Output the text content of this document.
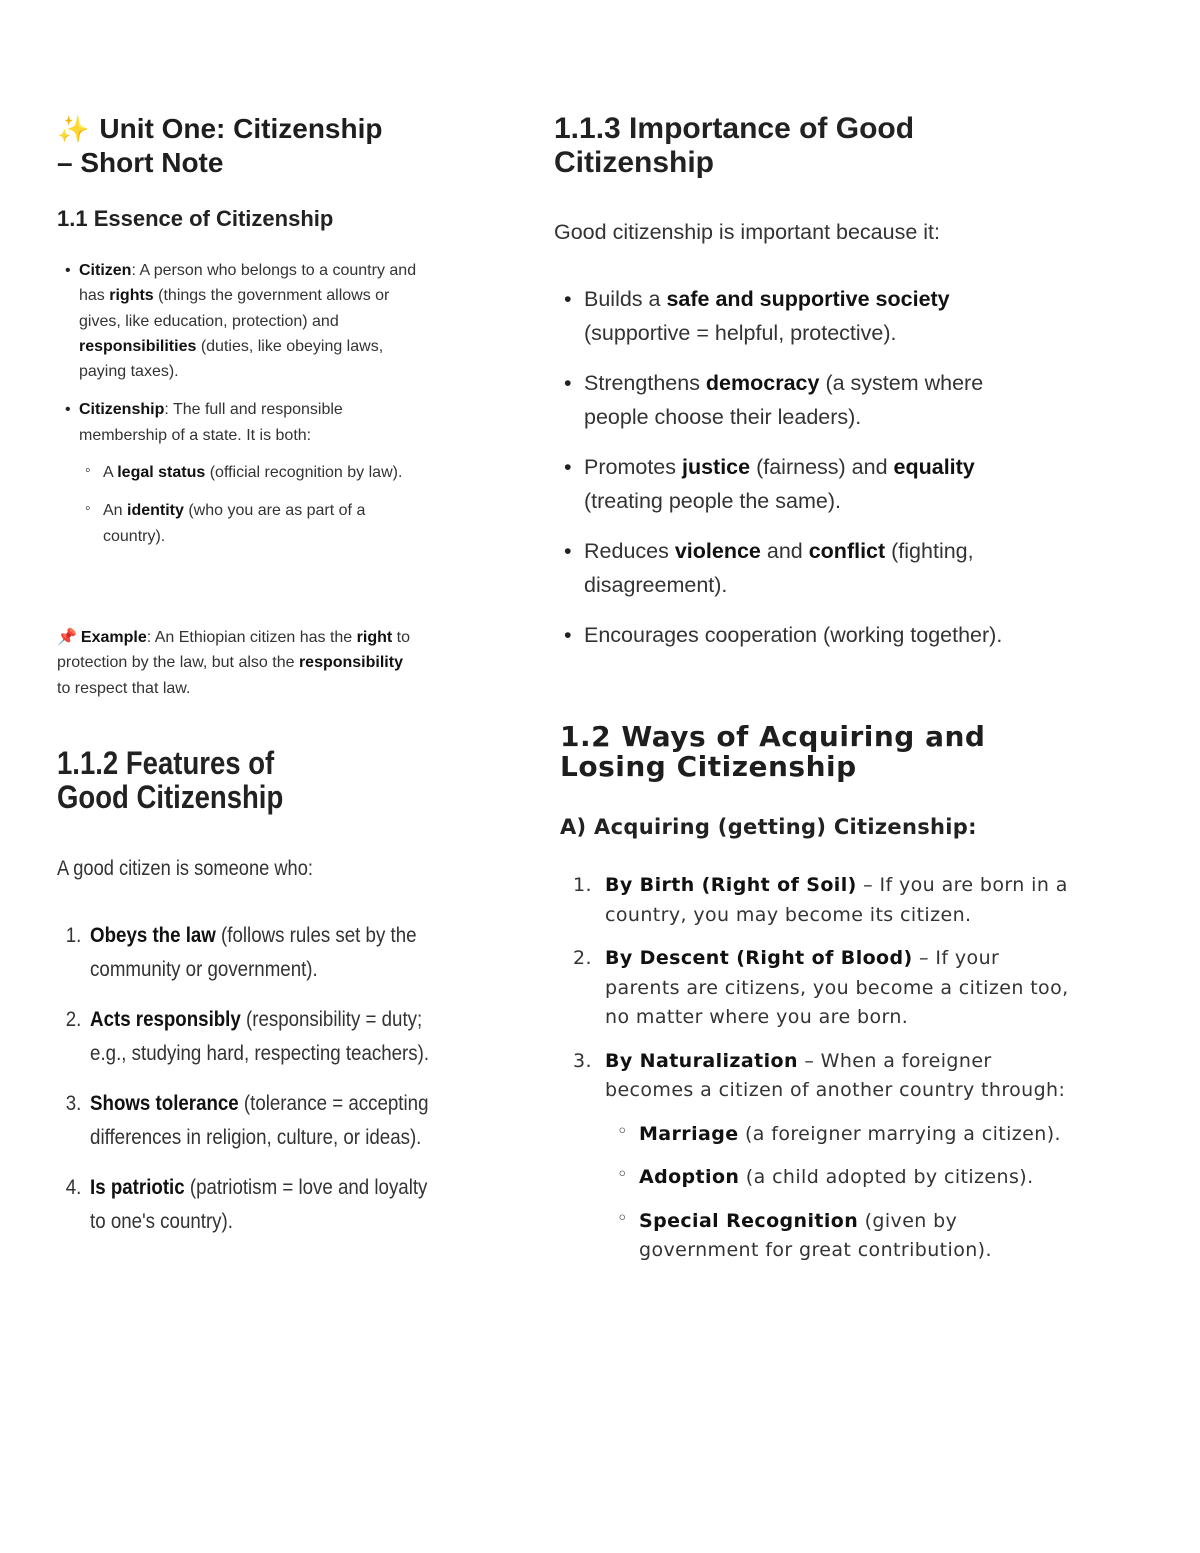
✨ Unit One: Citizenship
– Short Note
1.1 Essence of Citizenship
• Citizen: A person who belongs to a country and has rights (things the government allows or gives, like education, protection) and responsibilities (duties, like obeying laws, paying taxes).
• Citizenship: The full and responsible membership of a state. It is both:
◦ A legal status (official recognition by law).
◦ An identity (who you are as part of a country).

📌 Example: An Ethiopian citizen has the right to protection by the law, but also the responsibility to respect that law.

1.1.2 Features of Good Citizenship

A good citizen is someone who:

1. Obeys the law (follows rules set by the community or government).
2. Acts responsibly (responsibility = duty; e.g., studying hard, respecting teachers).
3. Shows tolerance (tolerance = accepting differences in religion, culture, or ideas).
4. Is patriotic (patriotism = love and loyalty to one's country).
1.1.3 Importance of Good Citizenship

Good citizenship is important because it:

• Builds a safe and supportive society (supportive = helpful, protective).
• Strengthens democracy (a system where people choose their leaders).
• Promotes justice (fairness) and equality (treating people the same).
• Reduces violence and conflict (fighting, disagreement).
• Encourages cooperation (working together).
1.2 Ways of Acquiring and Losing Citizenship
A) Acquiring (getting) Citizenship:
1. By Birth (Right of Soil) – If you are born in a country, you may become its citizen.
2. By Descent (Right of Blood) – If your parents are citizens, you become a citizen too, no matter where you are born.
3. By Naturalization – When a foreigner becomes a citizen of another country through:
◦ Marriage (a foreigner marrying a citizen).
◦ Adoption (a child adopted by citizens).
◦ Special Recognition (given by government for great contribution).
